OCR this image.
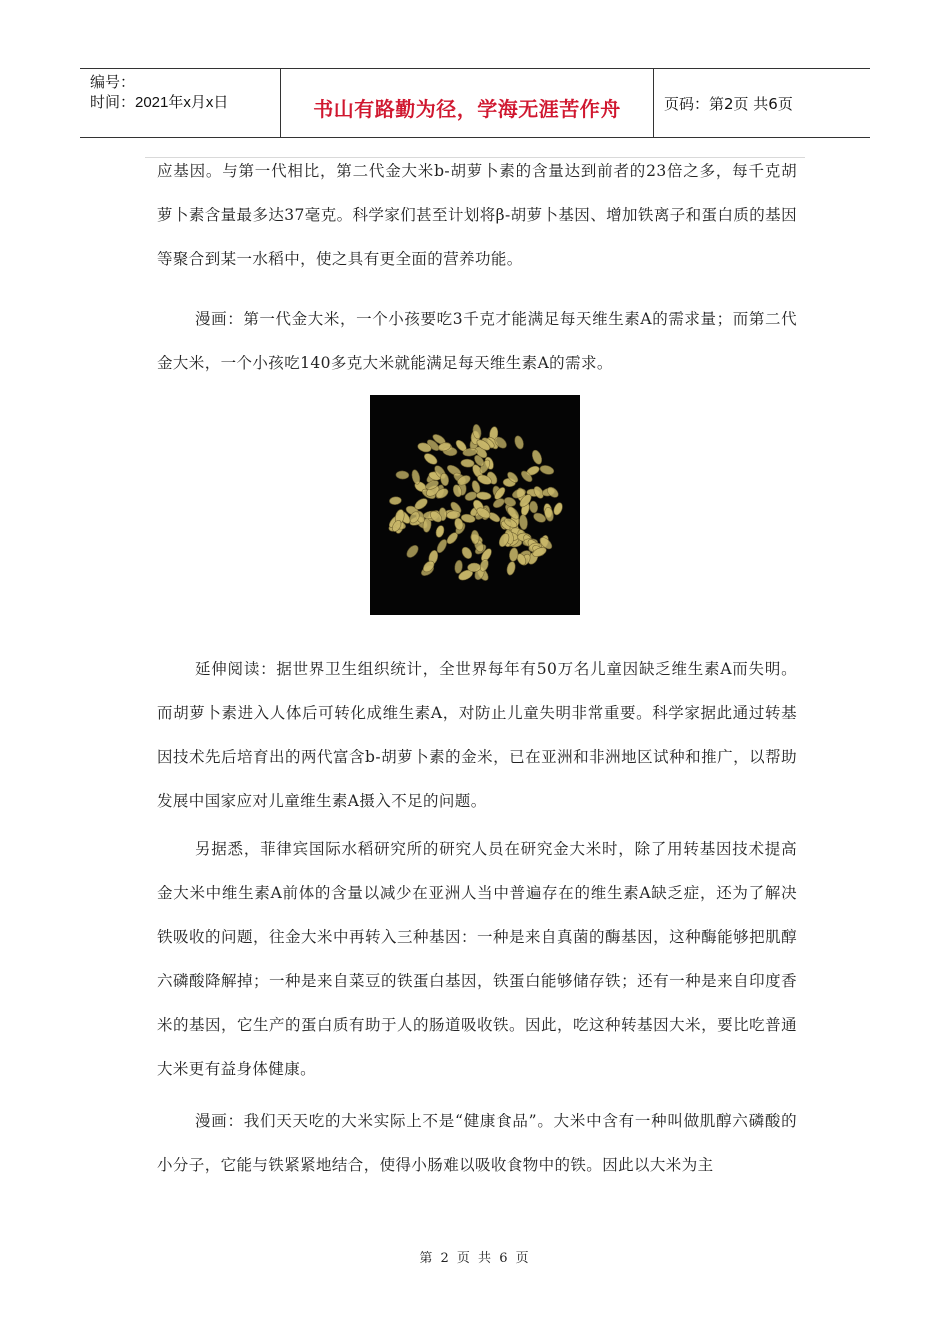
编号：
时间：2021年x月x日	书山有路勤为径，学海无涯苦作舟	页码：第2页 共6页

应基因。与第一代相比，第二代金大米b-胡萝卜素的含量达到前者的23倍之多，每千克胡萝卜素含量最多达37毫克。科学家们甚至计划将β-胡萝卜基因、增加铁离子和蛋白质的基因等聚合到某一水稻中，使之具有更全面的营养功能。

漫画：第一代金大米，一个小孩要吃3千克才能满足每天维生素A的需求量；而第二代金大米，一个小孩吃140多克大米就能满足每天维生素A的需求。

延伸阅读：据世界卫生组织统计，全世界每年有50万名儿童因缺乏维生素A而失明。而胡萝卜素进入人体后可转化成维生素A，对防止儿童失明非常重要。科学家据此通过转基因技术先后培育出的两代富含b-胡萝卜素的金米，已在亚洲和非洲地区试种和推广，以帮助发展中国家应对儿童维生素A摄入不足的问题。

另据悉，菲律宾国际水稻研究所的研究人员在研究金大米时，除了用转基因技术提高金大米中维生素A前体的含量以减少在亚洲人当中普遍存在的维生素A缺乏症，还为了解决铁吸收的问题，往金大米中再转入三种基因：一种是来自真菌的酶基因，这种酶能够把肌醇六磷酸降解掉；一种是来自菜豆的铁蛋白基因，铁蛋白能够储存铁；还有一种是来自印度香米的基因，它生产的蛋白质有助于人的肠道吸收铁。因此，吃这种转基因大米，要比吃普通大米更有益身体健康。

漫画：我们天天吃的大米实际上不是“健康食品”。大米中含有一种叫做肌醇六磷酸的小分子，它能与铁紧紧地结合，使得小肠难以吸收食物中的铁。因此以大米为主

第 2 页 共 6 页
